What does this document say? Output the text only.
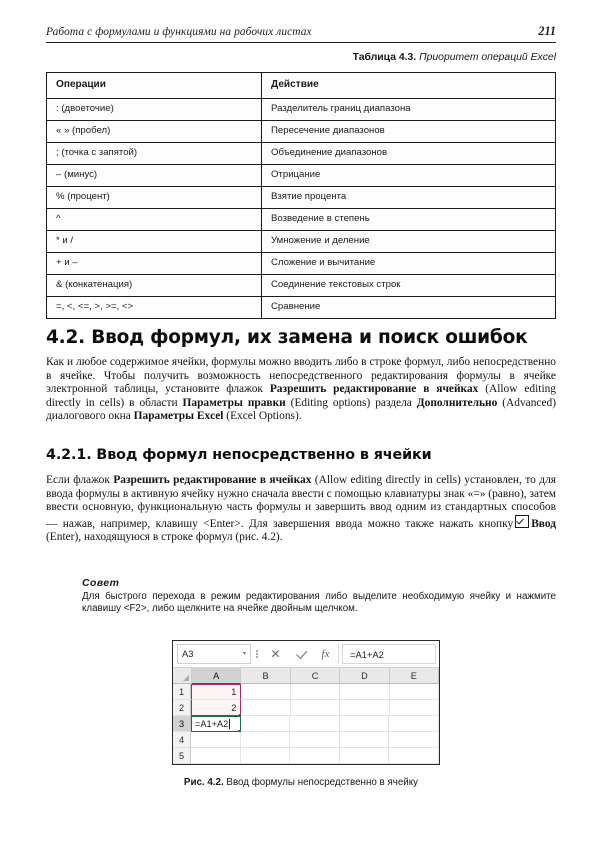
Работа с формулами и функциями на рабочих листах	211
Таблица 4.3. Приоритет операций Excel
Операции	Действие
: (двоеточие)	Разделитель границ диапазона
« » (пробел)	Пересечение диапазонов
; (точка с запятой)	Объединение диапазонов
– (минус)	Отрицание
% (процент)	Взятие процента
^	Возведение в степень
* и /	Умножение и деление
+ и –	Сложение и вычитание
& (конкатенация)	Соединение текстовых строк
=, <, <=, >, >=, <>	Сравнение
4.2. Ввод формул, их замена и поиск ошибок

Как и любое содержимое ячейки, формулы можно вводить либо в строке формул, либо непосредственно в ячейке. Чтобы получить возможность непосредственного редактирования формулы в ячейке электронной таблицы, установите флажок Разрешить редактирование в ячейках (Allow editing directly in cells) в области Параметры правки (Editing options) раздела Дополнительно (Advanced) диалогового окна Параметры Excel (Excel Options).

4.2.1. Ввод формул непосредственно в ячейки

Если флажок Разрешить редактирование в ячейках (Allow editing directly in cells) установлен, то для ввода формулы в активную ячейку нужно сначала ввести с помощью клавиатуры знак «=» (равно), затем ввести основную, функциональную часть формулы и завершить ввод одним из стандартных способов — нажав, например, клавишу <Enter>. Для завершения ввода можно также нажать кнопку Ввод (Enter), находящуюся в строке формул (рис. 4.2).

Совет
Для быстрого перехода в режим редактирования либо выделите необходимую ячейку и нажмите клавишу <F2>, либо щелкните на ячейке двойным щелчком.
A3	▾ ✕	fx	=A1+A2
A	B	C	D	E
1	1
2	2
3	=A1+A2
4
5
Рис. 4.2. Ввод формулы непосредственно в ячейку
